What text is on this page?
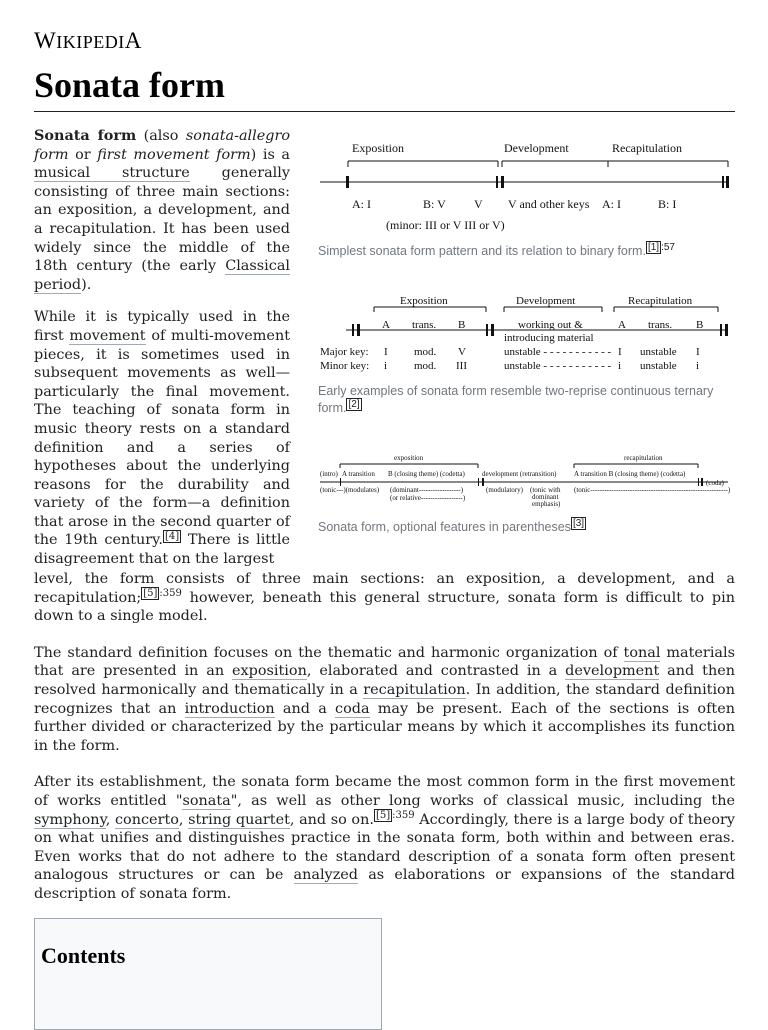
WIKIPEDIA
Sonata form

Sonata form (also sonata-allegro form or first movement form) is a musical structure generally consisting of three main sections: an exposition, a development, and a recapitulation. It has been used widely since the middle of the 18th century (the early Classical period).

While it is typically used in the first movement of multi-movement pieces, it is sometimes used in subsequent movements as well—particularly the final movement. The teaching of sonata form in music theory rests on a standard definition and a series of hypotheses about the underlying reasons for the durability and variety of the form—a definition that arose in the second quarter of the 19th century. [4] There is little disagreement that on the largest

Exposition	Development	Recapitulation
A: I	B: V V V and other keys A: I	B: I
(minor: III or V III or V)
Simplest sonata form pattern and its relation to binary form. $^{[1] :57}$
Exposition	Development	Recapitulation
A trans. B	working out &
introducing material
A trans. B
Major key: I mod. V	unstable - - - - - - - - - - - I unstable I
Minor key: i mod. III	unstable - - - - - - - - - - - i unstable i
Early examples of sonata form resemble two-reprise continuous ternary form. [2]
exposition	recapitulation
(intro) A transition B (closing theme) (codetta) development (retransition)	A transition B (closing theme) (codetta)
(coda)
(tonic---)(modulates) (dominant------------------)
(or relative------------------)
(modulatory) (tonic with
dominant
emphasis)
(tonic-----------------------------------------------------------)
Sonata form, optional features in parentheses [3]

level, the form consists of three main sections: an exposition, a development, and a recapitulation; $^{[5] :359}$ however, beneath this general structure, sonata form is difficult to pin down to a single model.

The standard definition focuses on the thematic and harmonic organization of tonal materials that are presented in an exposition, elaborated and contrasted in a development and then resolved harmonically and thematically in a recapitulation. In addition, the standard definition recognizes that an introduction and a coda may be present. Each of the sections is often further divided or characterized by the particular means by which it accomplishes its function in the form.

After its establishment, the sonata form became the most common form in the first movement of works entitled "sonata", as well as other long works of classical music, including the symphony, concerto, string quartet, and so on. $^{[5] :359}$ Accordingly, there is a large body of theory on what unifies and distinguishes practice in the sonata form, both within and between eras. Even works that do not adhere to the standard description of a sonata form often present analogous structures or can be analyzed as elaborations or expansions of the standard description of sonata form.

Contents
